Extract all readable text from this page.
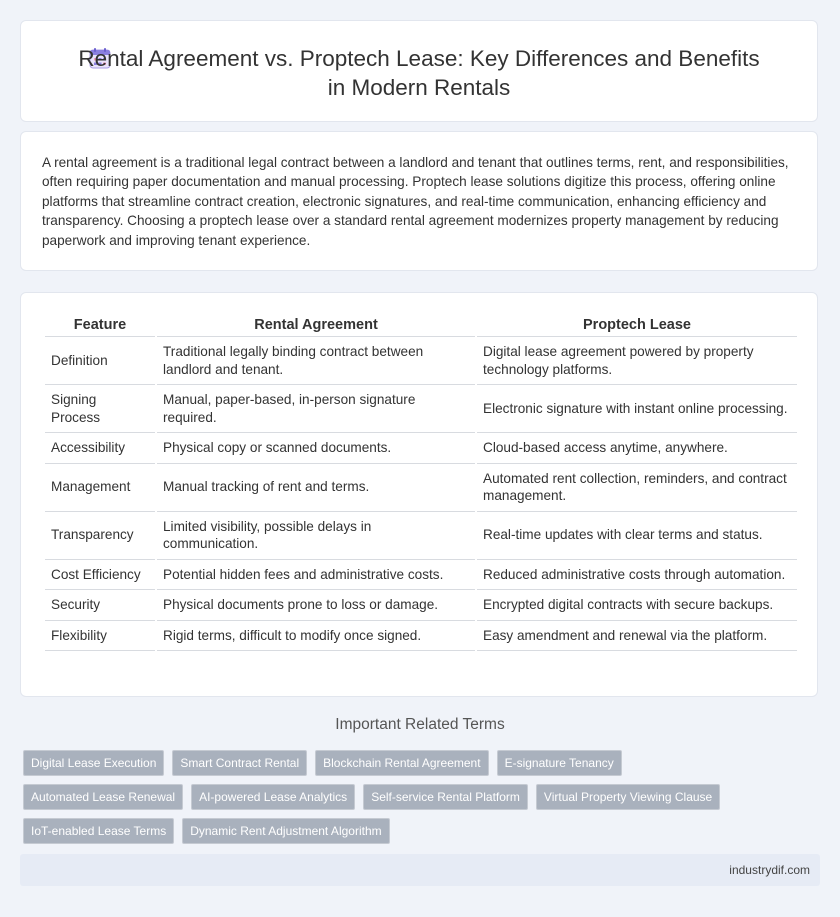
Rental Agreement vs. Proptech Lease: Key Differences and Benefits in Modern Rentals

A rental agreement is a traditional legal contract between a landlord and tenant that outlines terms, rent, and responsibilities, often requiring paper documentation and manual processing. Proptech lease solutions digitize this process, offering online platforms that streamline contract creation, electronic signatures, and real-time communication, enhancing efficiency and transparency. Choosing a proptech lease over a standard rental agreement modernizes property management by reducing paperwork and improving tenant experience.

Feature	Rental Agreement	Proptech Lease
Definition	Traditional legally binding contract between landlord and tenant.	Digital lease agreement powered by property technology platforms.
Signing Process	Manual, paper-based, in-person signature required.	Electronic signature with instant online processing.
Accessibility	Physical copy or scanned documents.	Cloud-based access anytime, anywhere.
Management	Manual tracking of rent and terms.	Automated rent collection, reminders, and contract management.
Transparency	Limited visibility, possible delays in communication.	Real-time updates with clear terms and status.
Cost Efficiency	Potential hidden fees and administrative costs.	Reduced administrative costs through automation.
Security	Physical documents prone to loss or damage.	Encrypted digital contracts with secure backups.
Flexibility	Rigid terms, difficult to modify once signed.	Easy amendment and renewal via the platform.
Important Related Terms
Digital Lease Execution	Smart Contract Rental	Blockchain Rental Agreement	E-signature Tenancy
Automated Lease Renewal	AI-powered Lease Analytics	Self-service Rental Platform	Virtual Property Viewing Clause
IoT-enabled Lease Terms	Dynamic Rent Adjustment Algorithm
industrydif.com
